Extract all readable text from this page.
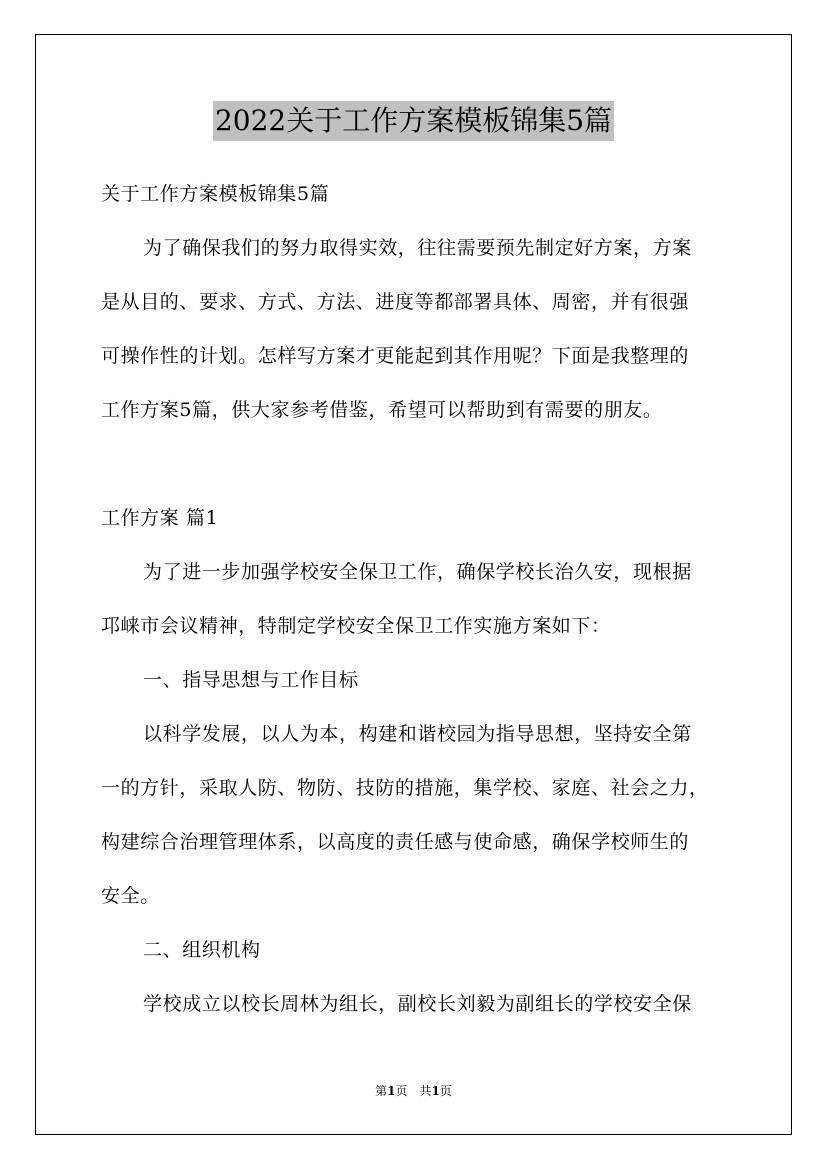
2022关于工作方案模板锦集5篇
关于工作方案模板锦集5篇
为了确保我们的努力取得实效，往往需要预先制定好方案，方案
是从目的、要求、方式、方法、进度等都部署具体、周密，并有很强
可操作性的计划。怎样写方案才更能起到其作用呢？下面是我整理的
工作方案5篇，供大家参考借鉴，希望可以帮助到有需要的朋友。
工作方案 篇1
为了进一步加强学校安全保卫工作，确保学校长治久安，现根据
邛崃市会议精神，特制定学校安全保卫工作实施方案如下：
一、指导思想与工作目标
以科学发展，以人为本，构建和谐校园为指导思想，坚持安全第
一的方针，采取人防、物防、技防的措施，集学校、家庭、社会之力，
构建综合治理管理体系，以高度的责任感与使命感，确保学校师生的
安全。
二、组织机构
学校成立以校长周林为组长，副校长刘毅为副组长的学校安全保
第1页　共1页
